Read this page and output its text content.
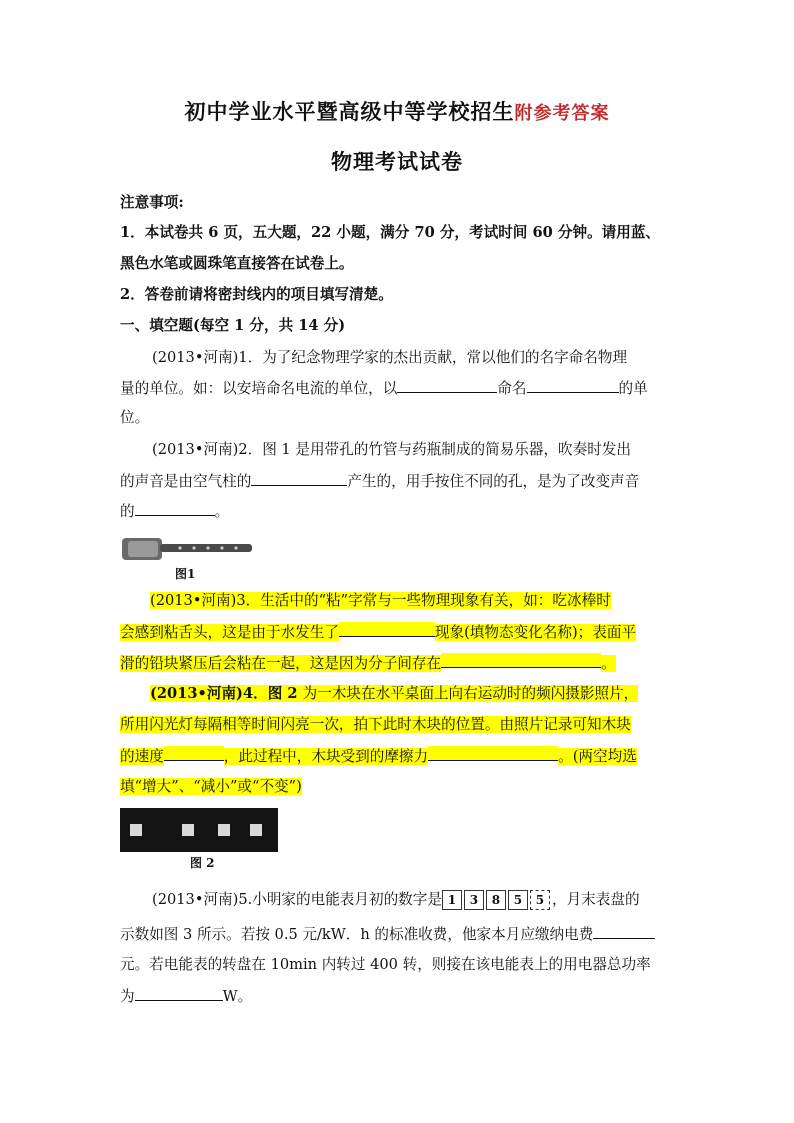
初中学业水平暨高级中等学校招生附参考答案
物理考试试卷
注意事项:
1．本试卷共 6 页，五大题，22 小题，满分 70 分，考试时间 60 分钟。请用蓝、
黑色水笔或圆珠笔直接答在试卷上。
2．答卷前请将密封线内的项目填写清楚。
一、填空题(每空 1 分，共 14 分)
(2013•河南)1．为了纪念物理学家的杰出贡献，常以他们的名字命名物理
量的单位。如：以安培命名电流的单位，以	命名	的单
位。
(2013•河南)2．图 1 是用带孔的竹管与药瓶制成的简易乐器，吹奏时发出
的声音是由空气柱的	产生的，用手按住不同的孔，是为了改变声音
的	。
图1
(2013•河南)3．生活中的“粘”字常与一些物理现象有关，如：吃冰棒时
会感到粘舌头，这是由于水发生了	现象(填物态变化名称)；表面平
滑的铅块紧压后会粘在一起，这是因为分子间存在	。
(2013•河南)4．图 2 为一木块在水平桌面上向右运动时的频闪摄影照片，
所用闪光灯每隔相等时间闪亮一次，拍下此时木块的位置。由照片记录可知木块
的速度	，此过程中，木块受到的摩擦力	。(两空均选
填“增大”、“减小”或“不变”)
图 2
(2013•河南)5.小明家的电能表月初的数字是 1 3 8 5 5 ，月末表盘的
示数如图 3 所示。若按 0.5 元/kW．h 的标准收费，他家本月应缴纳电费
元。若电能表的转盘在 10min 内转过 400 转，则接在该电能表上的用电器总功率
为	W。
